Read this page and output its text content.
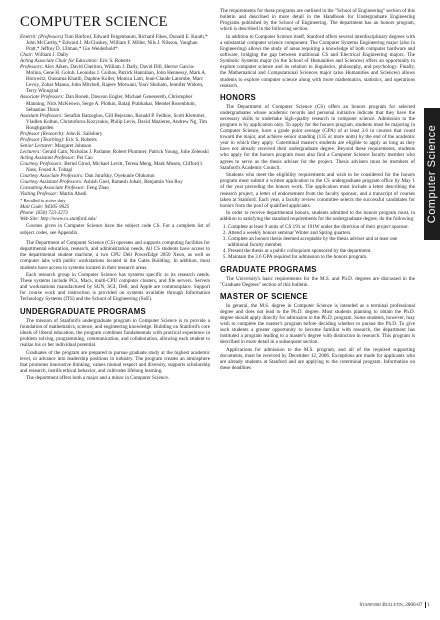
COMPUTER SCIENCE

Emeriti: (Professors) Tom Binford, Edward Feigenbaum, Richard Fikes, Donald E. Knuth,* John McCarthy,* Edward J. McCluskey, William F. Miller, Nils J. Nilsson, Vaughan Pratt,* Jeffrey D. Ullman,* Gio Weiderhold*

Chair: William J. Dally

Acting Associate Chair for Education: Eric S. Roberts

Professors: Alex Aiken, David Cheriton, William J. Dally, David Dill, Hector Garcia-Molina, Gene H. Golub, Leonidas J. Guibas, Patrick Hanrahan, John Hennessy, Mark A. Horowitz, Oussama Khatib, Daphne Koller, Monica Lam, Jean-Claude Latombe, Marc Levoy, Zohar Manna, John Mitchell, Rajeev Motwani, Yoav Shoham, Jennifer Widom, Terry Winograd

Associate Professors: Dan Boneh, Dawson Engler, Michael Genesereth, Christopher Manning, Nick McKeown, Serge A. Plotkin, Balaji Prabhakar, Mendel Rosenblum, Sebastian Thrun

Assistant Professors: Serafim Batzoglou, Gill Bejerano, Ronald P. Fedkiw, Scott Klemmer, Vladlen Koltun, Christoforos Kozyrakis, Philip Levis, David Mazieres, Andrew Ng, Tim Roughgarden

Professor (Research): John K. Salisbury

Professor (Teaching): Eric S. Roberts

Senior Lecturer: Margaret Johnson

Lecturers: Gerald Cain, Nicholas J. Parlante, Robert Plummer, Patrick Young, Julie Zelenski

Acting Assistant Professor: Pei Cao

Courtesy Professors: Bernd Girod, Michael Levitt, Teresa Meng, Mark Musen, Clifford I. Nass, Fouad A. Tobagi

Courtesy Associate Professors: Dan Jurafsky, Oyekunle Olukotun

Courtesy Assistant Professors: Ashish Goel, Ramesh Johari, Benjamin Van Roy

Consulting Associate Professor: Feng Zhao

Visiting Professor: Martin Abadi

* Recalled to active duty

Mail Code: 94305-9025

Phone: (650) 723-2273

Web Site: http://www.cs.stanford.edu/

Courses given in Computer Science have the subject code CS. For a complete list of subject codes, see Appendix.

The Department of Computer Science (CS) operates and supports computing facilities for departmental education, research, and administration needs. All CS students have access to the departmental student machine, a two CPU Dell PowerEdge 2850 Xeon, as well as computer labs with public workstations located in the Gates Building. In addition, most students have access to systems located in their research areas.

Each research group in Computer Science has systems specific to its research needs. These systems include PCs, Macs, multi-CPU computer clusters, and file servers. Servers and workstations manufactured by SUN, SGI, Dell, and Apple are commonplace. Support for course work and instruction is provided on systems available through Information Technology Systems (ITS) and the School of Engineering (SoE).

UNDERGRADUATE PROGRAMS

The mission of Stanford's undergraduate program in Computer Science is to provide a foundation of mathematics, science, and engineering knowledge. Building on Stanford's core ideals of liberal education, the program combines fundamentals with practical experience in problem solving, programming, communication, and collaboration, allowing each student to realize his or her individual potential.

Graduates of the program are prepared to pursue graduate study at the highest academic level, or advance into leadership positions in industry. The program creates an atmosphere that promotes innovative thinking, values mutual respect and diversity, supports scholarship and research, instills ethical behavior, and cultivates lifelong learning.

The department offers both a major and a minor in Computer Science.

The requirements for these programs are outlined in the "School of Engineering" section of this bulletin and described in more detail in the Handbook for Undergraduate Engineering Programs published by the School of Engineering. The department has an honors program, which is described in the following section.

In addition to Computer Science itself, Stanford offers several interdisciplinary degrees with a substantial computer science component. The Computer Systems Engineering major (also in Engineering) allows the study of areas requiring a knowledge of both computer hardware and software, bridging the gap between traditional CS and Electrical Engineering majors. The Symbolic Systems major (in the School of Humanities and Sciences) offers an opportunity to explore computer science and its relation to linguistics, philosophy, and psychology. Finally, the Mathematical and Computational Sciences major (also Humanities and Sciences) allows students to explore computer science along with more mathematics, statistics, and operations research.

HONORS

The Department of Computer Science (CS) offers an honors program for selected undergraduates whose academic records and personal initiative indicate that they have the necessary skills to undertake high-quality research in computer science. Admission to the program is by application only. To apply for the honors program, students must be majoring in Computer Science, have a grade point average (GPA) of at least 3.6 in courses that count toward the major, and achieve senior standing (135 or more units) by the end of the academic year in which they apply. Coterminal master's students are eligible to apply as long as they have not already received their undergraduate degree. Beyond these requirements, students who apply for the honors program must also find a Computer Science faculty member who agrees to serve as the thesis adviser for the project. Thesis advisers must be members of Stanford's Academic Council.

Students who meet the eligibility requirements and wish to be considered for the honors program must submit a written application to the CS undergraduate program office by May 1 of the year preceding the honors work. The application must include a letter describing the research project, a letter of endorsement from the faculty sponsor, and a transcript of courses taken at Stanford. Each year, a faculty review committee selects the successful candidates for honors from the pool of qualified applicants.

In order to receive departmental honors, students admitted to the honors program must, in addition to satisfying the standard requirements for the undergraduate degree, do the following:

1. Complete at least 9 units of CS 191 or 191W under the direction of their project sponsor.
2. Attend a weekly honors seminar Winter and Spring quarters.
3. Complete an honors thesis deemed acceptable by the thesis adviser and at least one additional faculty member.
4. Present the thesis at a public colloquium sponsored by the department.
5. Maintain the 3.6 GPA required for admission to the honors program.
GRADUATE PROGRAMS

The University's basic requirements for the M.S. and Ph.D. degrees are discussed in the "Graduate Degrees" section of this bulletin.

MASTER OF SCIENCE

In general, the M.S. degree in Computer Science is intended as a terminal professional degree and does not lead to the Ph.D. degree. Most students planning to obtain the Ph.D. degree should apply directly for admission to the Ph.D. program. Some students, however, may wish to complete the master's program before deciding whether to pursue the Ph.D. To give such students a greater opportunity to become familiar with research, the department has instituted a program leading to a master's degree with distinction in research. This program is described in more detail in a subsequent section.

Applications for admission to the M.S. program, and all of the required supporting documents, must be received by December 12, 2006. Exceptions are made for applicants who are already students at Stanford and are applying to the coterminal program. Information on these deadlines

Computer Science
Stanford Bulletin, 2006-07 1
